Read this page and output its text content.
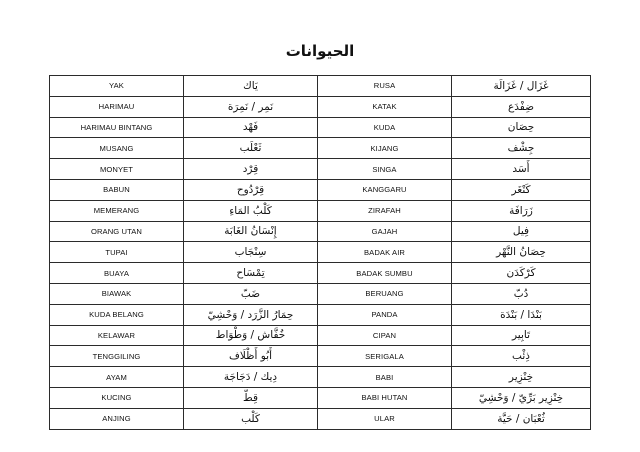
الحيوانات
YAK	يَاك	RUSA	غَزَال / غَزَالَة
HARIMAU	نَمِر / نَمِرَة	KATAK	ضِفْدَع
HARIMAU BINTANG	فَهْد	KUDA	حِصَان
MUSANG	ثَعْلَب	KIJANG	جِشْف
MONYET	قِرْد	SINGA	أَسَد
BABUN	قِرْدُوح	KANGGARU	كَنْغَر
MEMERANG	كَلْبُ المَاءِ	ZIRAFAH	زَرَافَة
ORANG UTAN	إِنْسَانُ الغَابَة	GAJAH	فِيل
TUPAI	سِنْجَاب	BADAK AIR	حِصَانُ النَّهْر
BUAYA	تِمْسَاح	BADAK SUMBU	كَرْكَدَن
BIAWAK	ضَبّ	BERUANG	دُبّ
KUDA BELANG	حِمَارُ الزَّرَد / وَحْشِيّ	PANDA	بَنْدَا / بَنْدَة
KELAWAR	خُفَّاش / وَطْوَاط	CIPAN	تَابِير
TENGGILING	أَبُو أَظْلَاف	SERIGALA	ذِئْب
AYAM	دِيك / دَجَاجَة	BABI	خِنْزِير
KUCING	قِطّ	BABI HUTAN	خِنْزِير بَرِّيّ / وَحْشِيّ
ANJING	كَلْب	ULAR	ثُعْبَان / حَيَّة
